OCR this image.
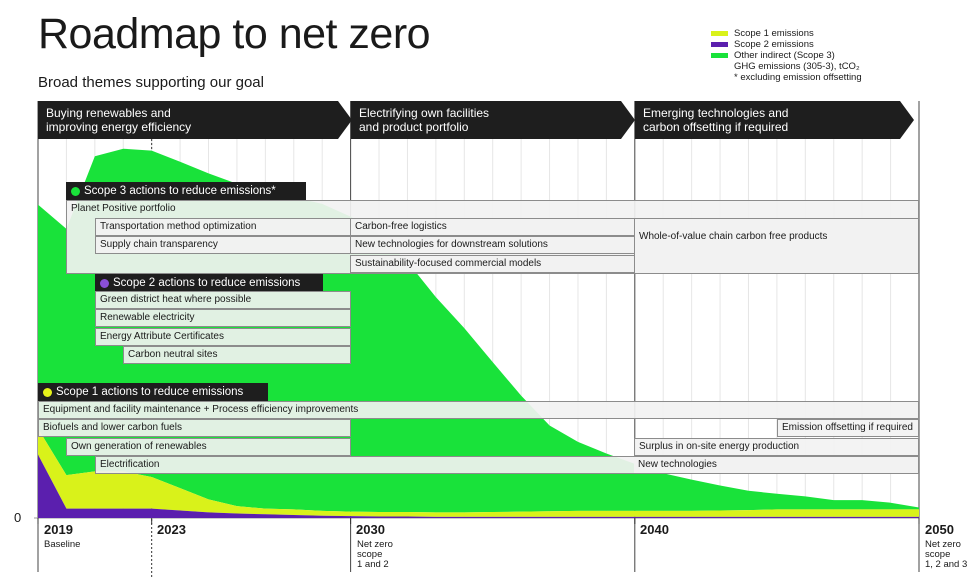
Roadmap to net zero
Broad themes supporting our goal
Scope 1 emissions
Scope 2 emissions
Other indirect (Scope 3)
GHG emissions (305-3), tCO₂
* excluding emission offsetting
Buying renewables and
improving energy efficiency
Electrifying own facilities
and product portfolio
Emerging technologies and
carbon offsetting if required
Scope 3 actions to reduce emissions*
Planet Positive portfolio
Transportation method optimization
Supply chain transparency
Carbon-free logistics
New technologies for downstream solutions
Sustainability-focused commercial models
Whole-of-value chain carbon free products
Scope 2 actions to reduce emissions
Green district heat where possible
Renewable electricity
Energy Attribute Certificates
Carbon neutral sites
Scope 1 actions to reduce emissions
Equipment and facility maintenance + Process efficiency improvements
Biofuels and lower carbon fuels	Emission offsetting if required
Own generation of renewables	Surplus in on-site energy production
Electrification	New technologies
0
2019
Baseline
2023	2030
Net zero
scope
1 and 2
2040	2050
Net zero
scope
1, 2 and 3
